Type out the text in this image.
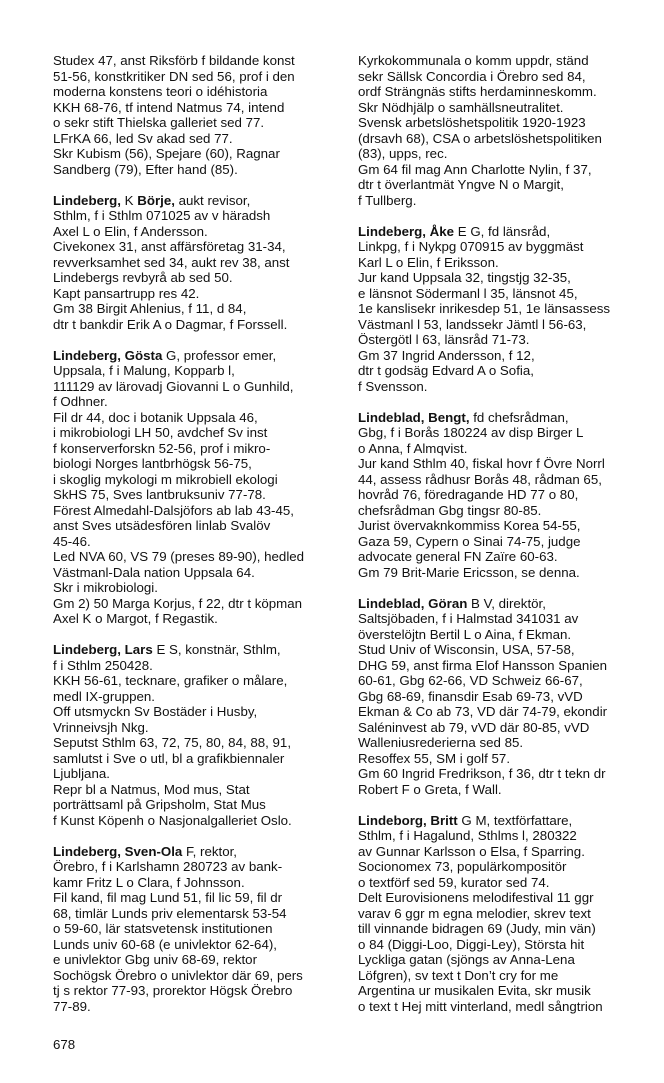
Studex 47, anst Riksförb f bildande konst
51-56, konstkritiker DN sed 56, prof i den
moderna konstens teori o idéhistoria
KKH 68-76, tf intend Natmus 74, intend
o sekr stift Thielska galleriet sed 77.
LFrKA 66, led Sv akad sed 77.
Skr Kubism (56), Spejare (60), Ragnar
Sandberg (79), Efter hand (85).
Lindeberg, K Börje, aukt revisor,
Sthlm, f i Sthlm 071025 av v häradsh
Axel L o Elin, f Andersson.
Civekonex 31, anst affärsföretag 31-34,
revverksamhet sed 34, aukt rev 38, anst
Lindebergs revbyrå ab sed 50.
Kapt pansartrupp res 42.
Gm 38 Birgit Ahlenius, f 11, d 84,
dtr t bankdir Erik A o Dagmar, f Forssell.
Lindeberg, Gösta G, professor emer,
Uppsala, f i Malung, Kopparb l,
111129 av lärovadj Giovanni L o Gunhild,
f Odhner.
Fil dr 44, doc i botanik Uppsala 46,
i mikrobiologi LH 50, avdchef Sv inst
f konserverforskn 52-56, prof i mikro-
biologi Norges lantbrhögsk 56-75,
i skoglig mykologi m mikrobiell ekologi
SkHS 75, Sves lantbruksuniv 77-78.
Förest Almedahl-Dalsjöfors ab lab 43-45,
anst Sves utsädesfören linlab Svalöv
45-46.
Led NVA 60, VS 79 (preses 89-90), hedled
Västmanl-Dala nation Uppsala 64.
Skr i mikrobiologi.
Gm 2) 50 Marga Korjus, f 22, dtr t köpman
Axel K o Margot, f Regastik.
Lindeberg, Lars E S, konstnär, Sthlm,
f i Sthlm 250428.
KKH 56-61, tecknare, grafiker o målare,
medl IX-gruppen.
Off utsmyckn Sv Bostäder i Husby,
Vrinneivsjh Nkg.
Seputst Sthlm 63, 72, 75, 80, 84, 88, 91,
samlutst i Sve o utl, bl a grafikbiennaler
Ljubljana.
Repr bl a Natmus, Mod mus, Stat
porträttsaml på Gripsholm, Stat Mus
f Kunst Köpenh o Nasjonalgalleriet Oslo.
Lindeberg, Sven-Ola F, rektor,
Örebro, f i Karlshamn 280723 av bank-
kamr Fritz L o Clara, f Johnsson.
Fil kand, fil mag Lund 51, fil lic 59, fil dr
68, timlär Lunds priv elementarsk 53-54
o 59-60, lär statsvetensk institutionen
Lunds univ 60-68 (e univlektor 62-64),
e univlektor Gbg univ 68-69, rektor
Sochögsk Örebro o univlektor där 69, pers
tj s rektor 77-93, prorektor Högsk Örebro
77-89.
Kyrkokommunala o komm uppdr, ständ
sekr Sällsk Concordia i Örebro sed 84,
ordf Strängnäs stifts herdaminneskomm.
Skr Nödhjälp o samhällsneutralitet.
Svensk arbetslöshetspolitik 1920-1923
(drsavh 68), CSA o arbetslöshetspolitiken
(83), upps, rec.
Gm 64 fil mag Ann Charlotte Nylin, f 37,
dtr t överlantmät Yngve N o Margit,
f Tullberg.
Lindeberg, Åke E G, fd länsråd,
Linkpg, f i Nykpg 070915 av byggmäst
Karl L o Elin, f Eriksson.
Jur kand Uppsala 32, tingstjg 32-35,
e länsnot Södermanl l 35, länsnot 45,
1e kanslisekr inrikesdep 51, 1e länsassess
Västmanl l 53, landssekr Jämtl l 56-63,
Östergötl l 63, länsråd 71-73.
Gm 37 Ingrid Andersson, f 12,
dtr t godsäg Edvard A o Sofia,
f Svensson.
Lindeblad, Bengt, fd chefsrådman,
Gbg, f i Borås 180224 av disp Birger L
o Anna, f Almqvist.
Jur kand Sthlm 40, fiskal hovr f Övre Norrl
44, assess rådhusr Borås 48, rådman 65,
hovråd 76, föredragande HD 77 o 80,
chefsrådman Gbg tingsr 80-85.
Jurist övervaknkommiss Korea 54-55,
Gaza 59, Cypern o Sinai 74-75, judge
advocate general FN Zaïre 60-63.
Gm 79 Brit-Marie Ericsson, se denna.
Lindeblad, Göran B V, direktör,
Saltsjöbaden, f i Halmstad 341031 av
överstelöjtn Bertil L o Aina, f Ekman.
Stud Univ of Wisconsin, USA, 57-58,
DHG 59, anst firma Elof Hansson Spanien
60-61, Gbg 62-66, VD Schweiz 66-67,
Gbg 68-69, finansdir Esab 69-73, vVD
Ekman & Co ab 73, VD där 74-79, ekondir
Saléninvest ab 79, vVD där 80-85, vVD
Walleniusrederierna sed 85.
Resoffex 55, SM i golf 57.
Gm 60 Ingrid Fredrikson, f 36, dtr t tekn dr
Robert F o Greta, f Wall.
Lindeborg, Britt G M, textförfattare,
Sthlm, f i Hagalund, Sthlms l, 280322
av Gunnar Karlsson o Elsa, f Sparring.
Socionomex 73, populärkompositör
o textförf sed 59, kurator sed 74.
Delt Eurovisionens melodifestival 11 ggr
varav 6 ggr m egna melodier, skrev text
till vinnande bidragen 69 (Judy, min vän)
o 84 (Diggi-Loo, Diggi-Ley), Största hit
Lyckliga gatan (sjöngs av Anna-Lena
Löfgren), sv text t Don’t cry for me
Argentina ur musikalen Evita, skr musik
o text t Hej mitt vinterland, medl sångtrion
678
